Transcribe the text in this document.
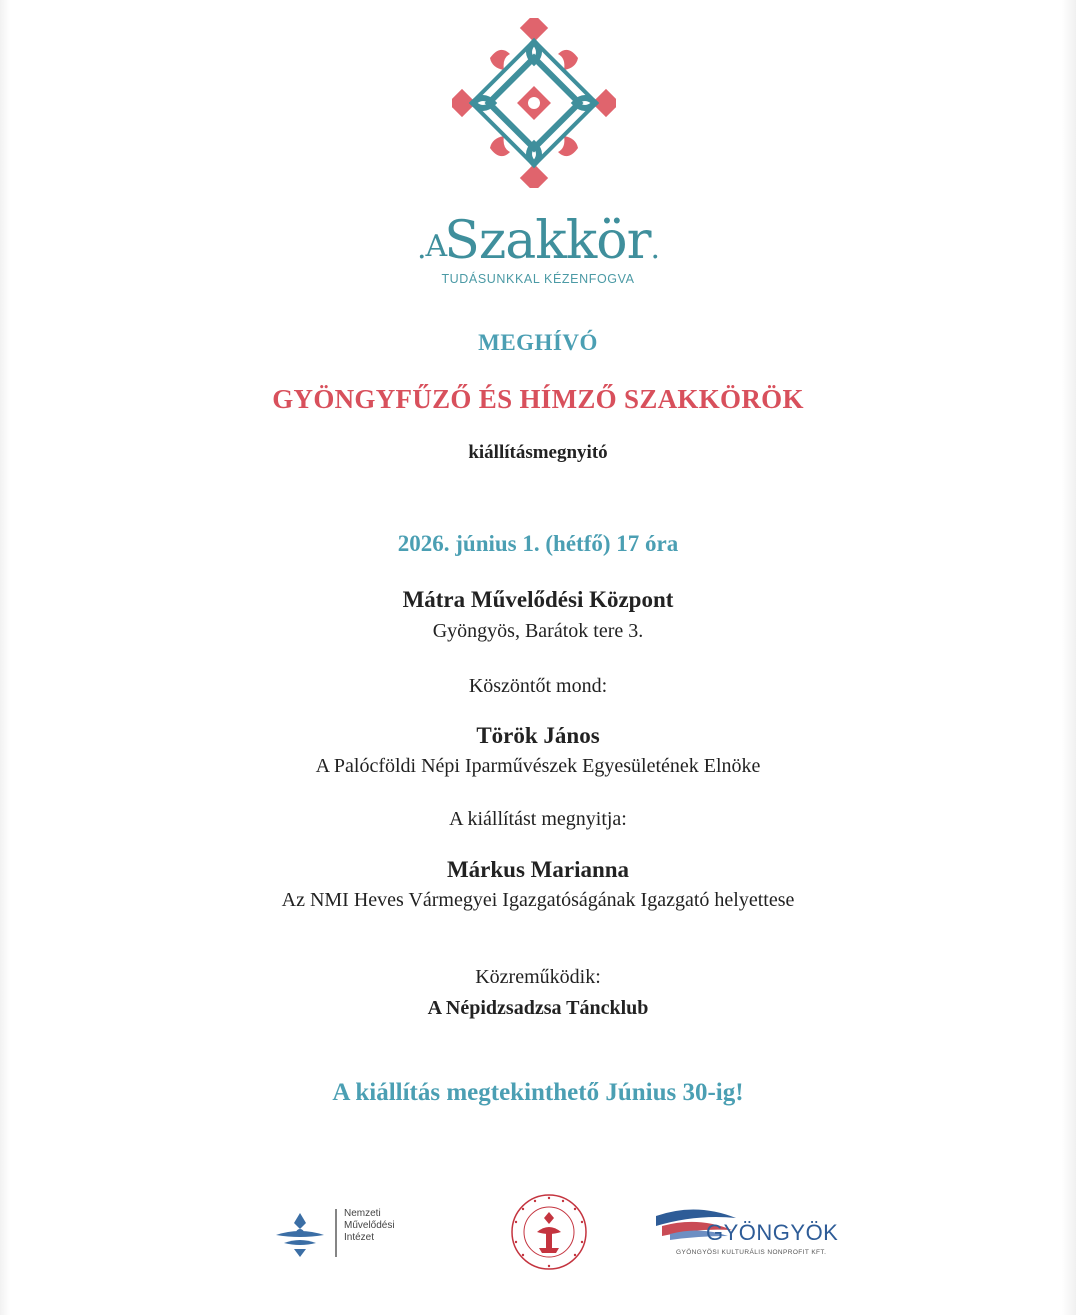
.ASzakkör.
TUDÁSUNKKAL KÉZENFOGVA
MEGHÍVÓ
GYÖNGYFŰZŐ ÉS HÍMZŐ SZAKKÖRÖK
kiállításmegnyitó
2026. június 1. (hétfő) 17 óra
Mátra Művelődési Központ
Gyöngyös, Barátok tere 3.
Köszöntőt mond:
Török János
A Palócföldi Népi Iparművészek Egyesületének Elnöke
A kiállítást megnyitja:
Márkus Marianna
Az NMI Heves Vármegyei Igazgatóságának Igazgató helyettese
Közreműködik:
A Népidzsadzsa Táncklub
A kiállítás megtekinthető Június 30-ig!
Nemzeti
Művelődési
Intézet	GYÖNGYÖK
GYÖNGYÖSI KULTURÁLIS NONPROFIT KFT.
